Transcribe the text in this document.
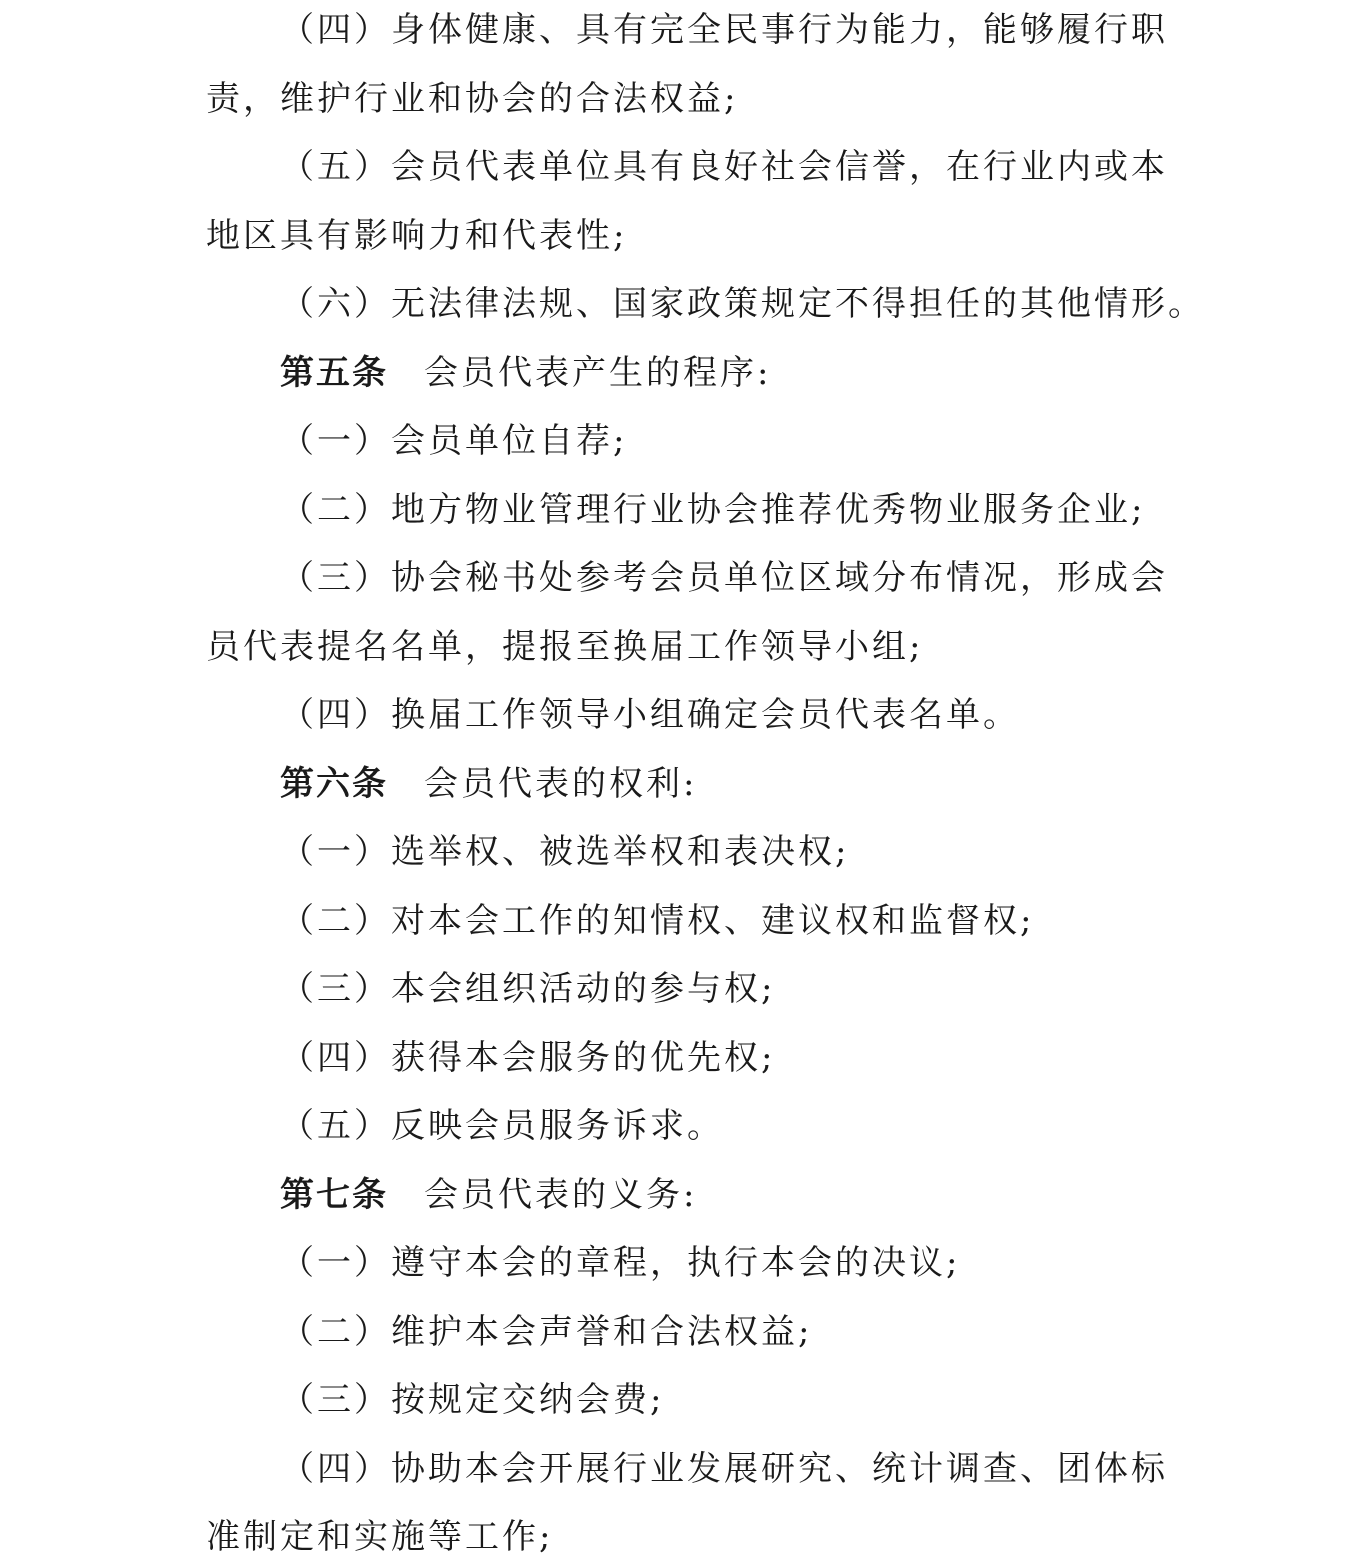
（四）身体健康、具有完全民事行为能力，能够履行职
责，维护行业和协会的合法权益;
（五）会员代表单位具有良好社会信誉，在行业内或本
地区具有影响力和代表性;
（六）无法律法规、国家政策规定不得担任的其他情形。
第五条 会员代表产生的程序:
（一）会员单位自荐;
（二）地方物业管理行业协会推荐优秀物业服务企业;
（三）协会秘书处参考会员单位区域分布情况，形成会
员代表提名名单，提报至换届工作领导小组;
（四）换届工作领导小组确定会员代表名单。
第六条 会员代表的权利:
（一）选举权、被选举权和表决权;
（二）对本会工作的知情权、建议权和监督权;
（三）本会组织活动的参与权;
（四）获得本会服务的优先权;
（五）反映会员服务诉求。
第七条 会员代表的义务:
（一）遵守本会的章程，执行本会的决议;
（二）维护本会声誉和合法权益;
（三）按规定交纳会费;
（四）协助本会开展行业发展研究、统计调查、团体标
准制定和实施等工作;
